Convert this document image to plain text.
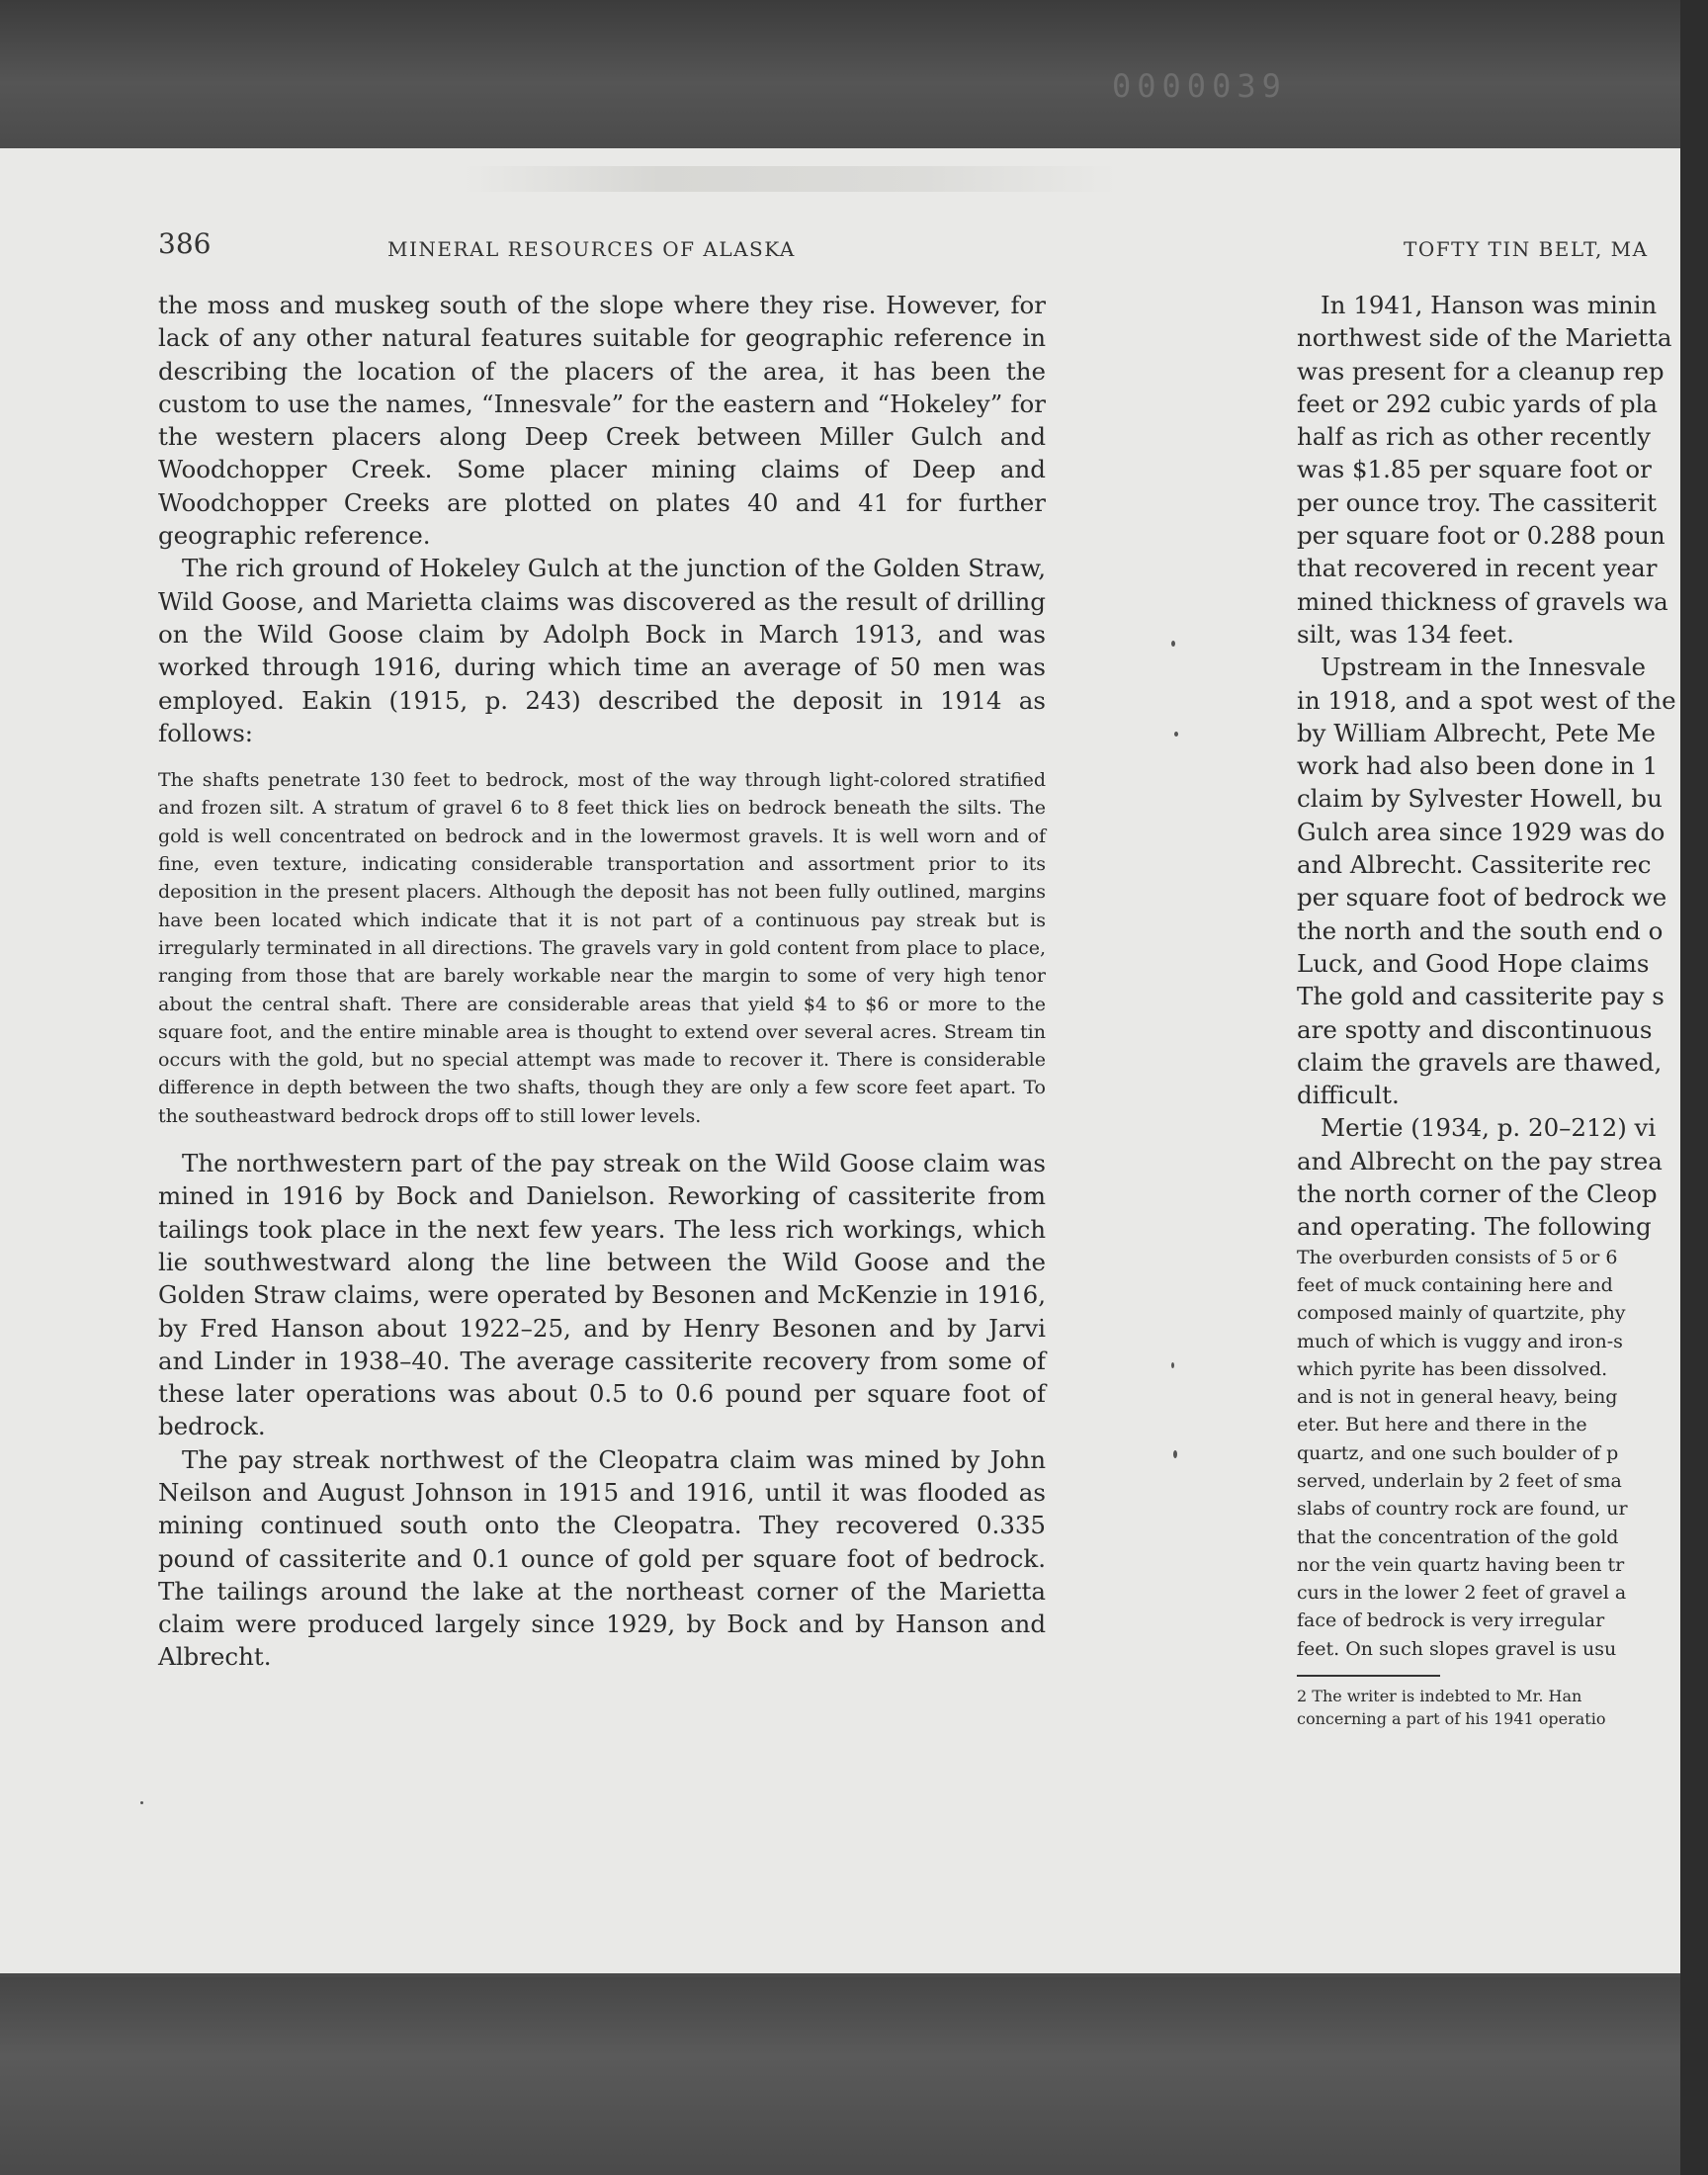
0000039
386	MINERAL RESOURCES OF ALASKA	TOFTY TIN BELT, MA

the moss and muskeg south of the slope where they rise. However, for lack of any other natural features suitable for geographic reference in describing the location of the placers of the area, it has been the custom to use the names, “Innesvale” for the eastern and “Hokeley” for the western placers along Deep Creek between Miller Gulch and Woodchopper Creek. Some placer mining claims of Deep and Woodchopper Creeks are plotted on plates 40 and 41 for further geographic reference.

The rich ground of Hokeley Gulch at the junction of the Golden Straw, Wild Goose, and Marietta claims was discovered as the result of drilling on the Wild Goose claim by Adolph Bock in March 1913, and was worked through 1916, during which time an average of 50 men was employed. Eakin (1915, p. 243) described the deposit in 1914 as follows:

The shafts penetrate 130 feet to bedrock, most of the way through light-colored stratified and frozen silt. A stratum of gravel 6 to 8 feet thick lies on bedrock beneath the silts. The gold is well concentrated on bedrock and in the lowermost gravels. It is well worn and of fine, even texture, indicating considerable transportation and assortment prior to its deposition in the present placers. Although the deposit has not been fully outlined, margins have been located which indicate that it is not part of a continuous pay streak but is irregularly terminated in all directions. The gravels vary in gold content from place to place, ranging from those that are barely workable near the margin to some of very high tenor about the central shaft. There are considerable areas that yield $4 to $6 or more to the square foot, and the entire minable area is thought to extend over several acres. Stream tin occurs with the gold, but no special attempt was made to recover it. There is considerable difference in depth between the two shafts, though they are only a few score feet apart. To the southeastward bedrock drops off to still lower levels.

The northwestern part of the pay streak on the Wild Goose claim was mined in 1916 by Bock and Danielson. Reworking of cassiterite from tailings took place in the next few years. The less rich workings, which lie southwestward along the line between the Wild Goose and the Golden Straw claims, were operated by Besonen and McKenzie in 1916, by Fred Hanson about 1922–25, and by Henry Besonen and by Jarvi and Linder in 1938–40. The average cassiterite recovery from some of these later operations was about 0.5 to 0.6 pound per square foot of bedrock.

The pay streak northwest of the Cleopatra claim was mined by John Neilson and August Johnson in 1915 and 1916, until it was flooded as mining continued south onto the Cleopatra. They recovered 0.335 pound of cassiterite and 0.1 ounce of gold per square foot of bedrock. The tailings around the lake at the northeast corner of the Marietta claim were produced largely since 1929, by Bock and by Hanson and Albrecht.

In 1941, Hanson was minin
northwest side of the Marietta
was present for a cleanup rep
feet or 292 cubic yards of pla
half as rich as other recently
was $1.85 per square foot or
per ounce troy. The cassiterit
per square foot or 0.288 poun
that recovered in recent year
mined thickness of gravels wa
silt, was 134 feet.
Upstream in the Innesvale
in 1918, and a spot west of the
by William Albrecht, Pete Me
work had also been done in 1
claim by Sylvester Howell, bu
Gulch area since 1929 was do
and Albrecht. Cassiterite rec
per square foot of bedrock we
the north and the south end o
Luck, and Good Hope claims
The gold and cassiterite pay s
are spotty and discontinuous
claim the gravels are thawed,
difficult.
Mertie (1934, p. 20–212) vi
and Albrecht on the pay strea
the north corner of the Cleop
and operating. The following
The overburden consists of 5 or 6
feet of muck containing here and
composed mainly of quartzite, phy
much of which is vuggy and iron-s
which pyrite has been dissolved.
and is not in general heavy, being
eter. But here and there in the
quartz, and one such boulder of p
served, underlain by 2 feet of sma
slabs of country rock are found, ur
that the concentration of the gold
nor the vein quartz having been tr
curs in the lower 2 feet of gravel a
face of bedrock is very irregular
feet. On such slopes gravel is usu
2 The writer is indebted to Mr. Han
concerning a part of his 1941 operatio
